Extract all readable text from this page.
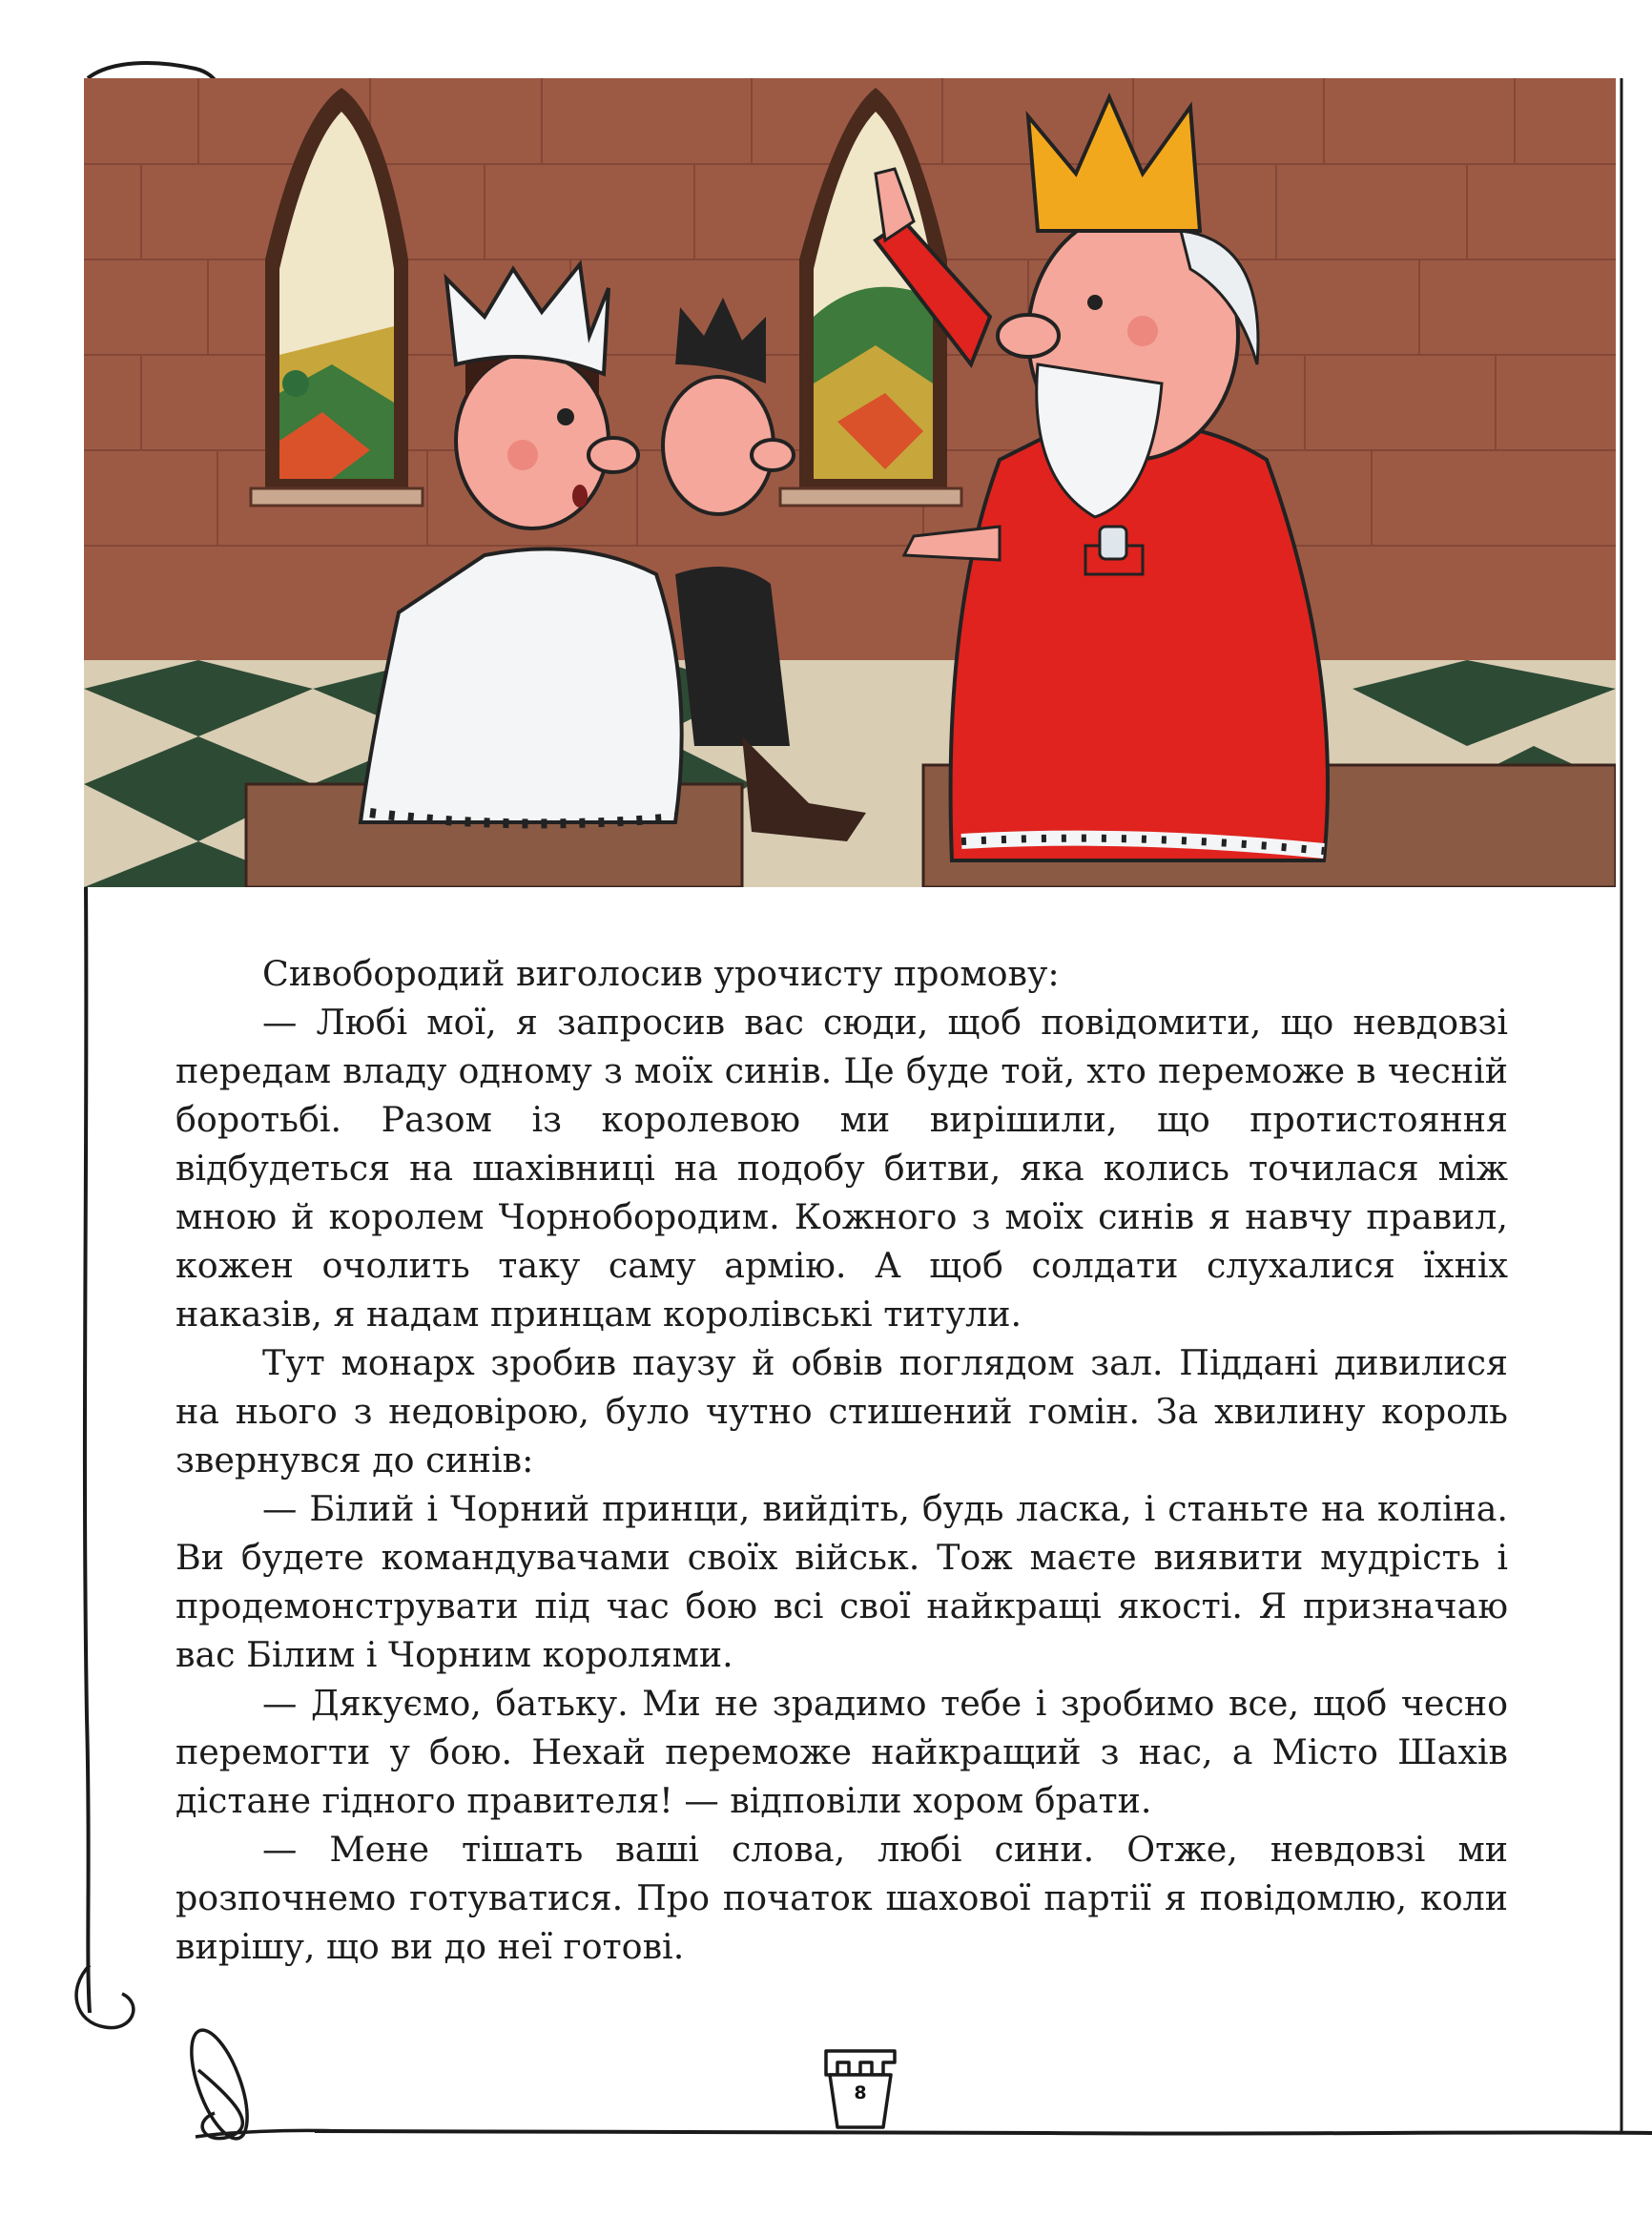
Сивобородий виголосив урочисту промову:

— Любі мої, я запросив вас сюди, щоб повідомити, що невдовзі передам владу одному з моїх синів. Це буде той, хто переможе в чесній боротьбі. Разом із королевою ми вирішили, що протистояння відбудеться на шахівниці на подобу битви, яка колись точилася між мною й королем Чорнобородим. Кожного з моїх синів я навчу правил, кожен очолить таку саму армію. А щоб солдати слухалися їхніх наказів, я надам принцам королівські титули.

Тут монарх зробив паузу й обвів поглядом зал. Піддані дивилися на нього з недовірою, було чутно стишений гомін. За хвилину король звернувся до синів:

— Білий і Чорний принци, вийдіть, будь ласка, і станьте на коліна. Ви будете командувачами своїх військ. Тож маєте виявити мудрість і продемонструвати під час бою всі свої найкращі якості. Я призначаю вас Білим і Чорним королями.

— Дякуємо, батьку. Ми не зрадимо тебе і зробимо все, щоб чесно перемогти у бою. Нехай переможе найкращий з нас, а Місто Шахів дістане гідного правителя! — відповіли хором брати.

— Мене тішать ваші слова, любі сини. Отже, невдовзі ми розпочнемо готуватися. Про початок шахової партії я повідомлю, коли вирішу, що ви до неї готові.

8
